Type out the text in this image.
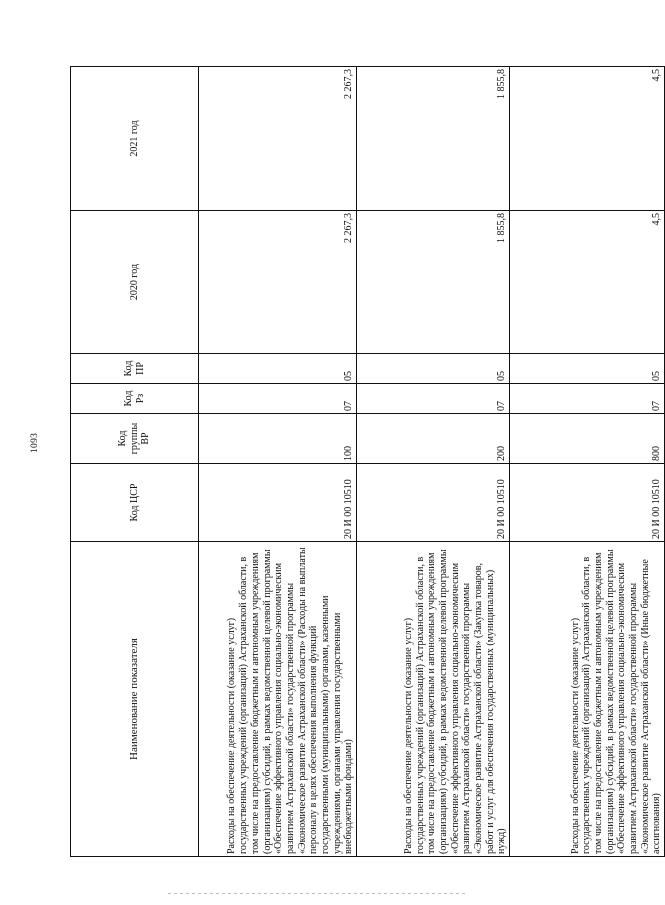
1093
Наименование показателя	Код ЦСР	Код группы ВР	Код Рз	Код ПР	2020 год	2021 год
Расходы на обеспечение деятельности (оказание услуг) государственных учреждений (организаций) Астраханской области, в том числе на предоставление бюджетным и автономным учреждениям (организациям) субсидий, в рамках ведомственной целевой программы «Обеспечение эффективного управления социально-экономическим развитием Астраханской области» государственной программы «Экономическое развитие Астраханской области» (Расходы на выплаты персоналу в целях обеспечения выполнения функций государственными (муниципальными) органами, казенными учреждениями, органами управления государственными внебюджетными фондами)	20 И 00 10510	100	07	05	2 267,3	2 267,3
Расходы на обеспечение деятельности (оказание услуг) государственных учреждений (организаций) Астраханской области, в том числе на предоставление бюджетным и автономным учреждениям (организациям) субсидий, в рамках ведомственной целевой программы «Обеспечение эффективного управления социально-экономическим развитием Астраханской области» государственной программы «Экономическое развитие Астраханской области» (Закупка товаров, работ и услуг для обеспечения государственных (муниципальных) нужд)	20 И 00 10510	200	07	05	1 855,8	1 855,8
Расходы на обеспечение деятельности (оказание услуг) государственных учреждений (организаций) Астраханской области, в том числе на предоставление бюджетным и автономным учреждениям (организациям) субсидий, в рамках ведомственной целевой программы «Обеспечение эффективного управления социально-экономическим развитием Астраханской области» государственной программы «Экономическое развитие Астраханской области» (Иные бюджетные ассигнования)	20 И 00 10510	800	07	05	4,5	4,5
